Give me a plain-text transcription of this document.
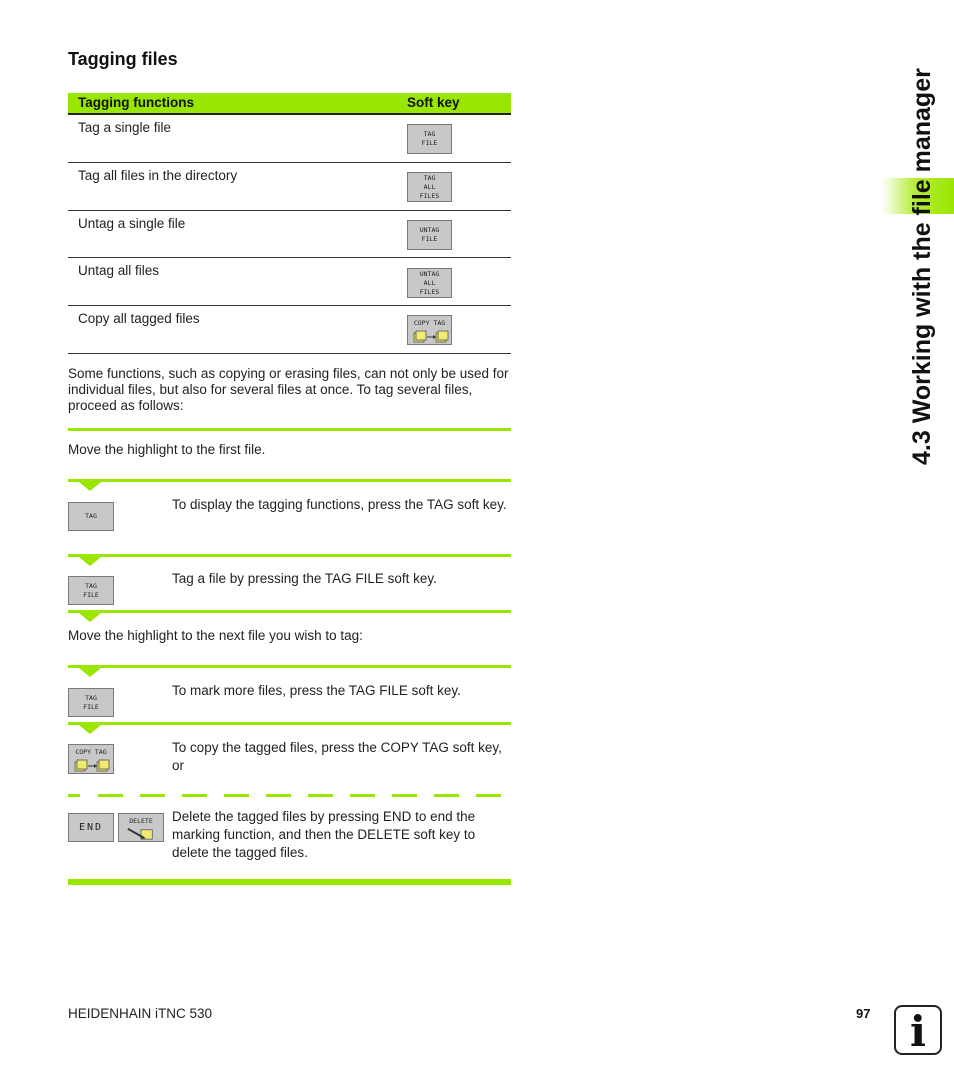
Tagging files
Tagging functions	Soft key
Tag a single file	TAG
FILE
Tag all files in the directory	TAG
ALL
FILES
Untag a single file	UNTAG
FILE
Untag all files	UNTAG
ALL
FILES
Copy all tagged files	COPY TAG
Some functions, such as copying or erasing files, can not only be used for individual files, but also for several files at once. To tag several files, proceed as follows:
Move the highlight to the first file.
TAG
To display the tagging functions, press the TAG soft key.
TAG
FILE
Tag a file by pressing the TAG FILE soft key.
Move the highlight to the next file you wish to tag:
TAG
FILE
To mark more files, press the TAG FILE soft key.
COPY TAG	To copy the tagged files, press the COPY TAG soft key, or
END
DELETE Delete the tagged files by pressing END to end the marking function, and then the DELETE soft key to delete the tagged files.
4.3 Working with the file manager
HEIDENHAIN iTNC 530	97 i
